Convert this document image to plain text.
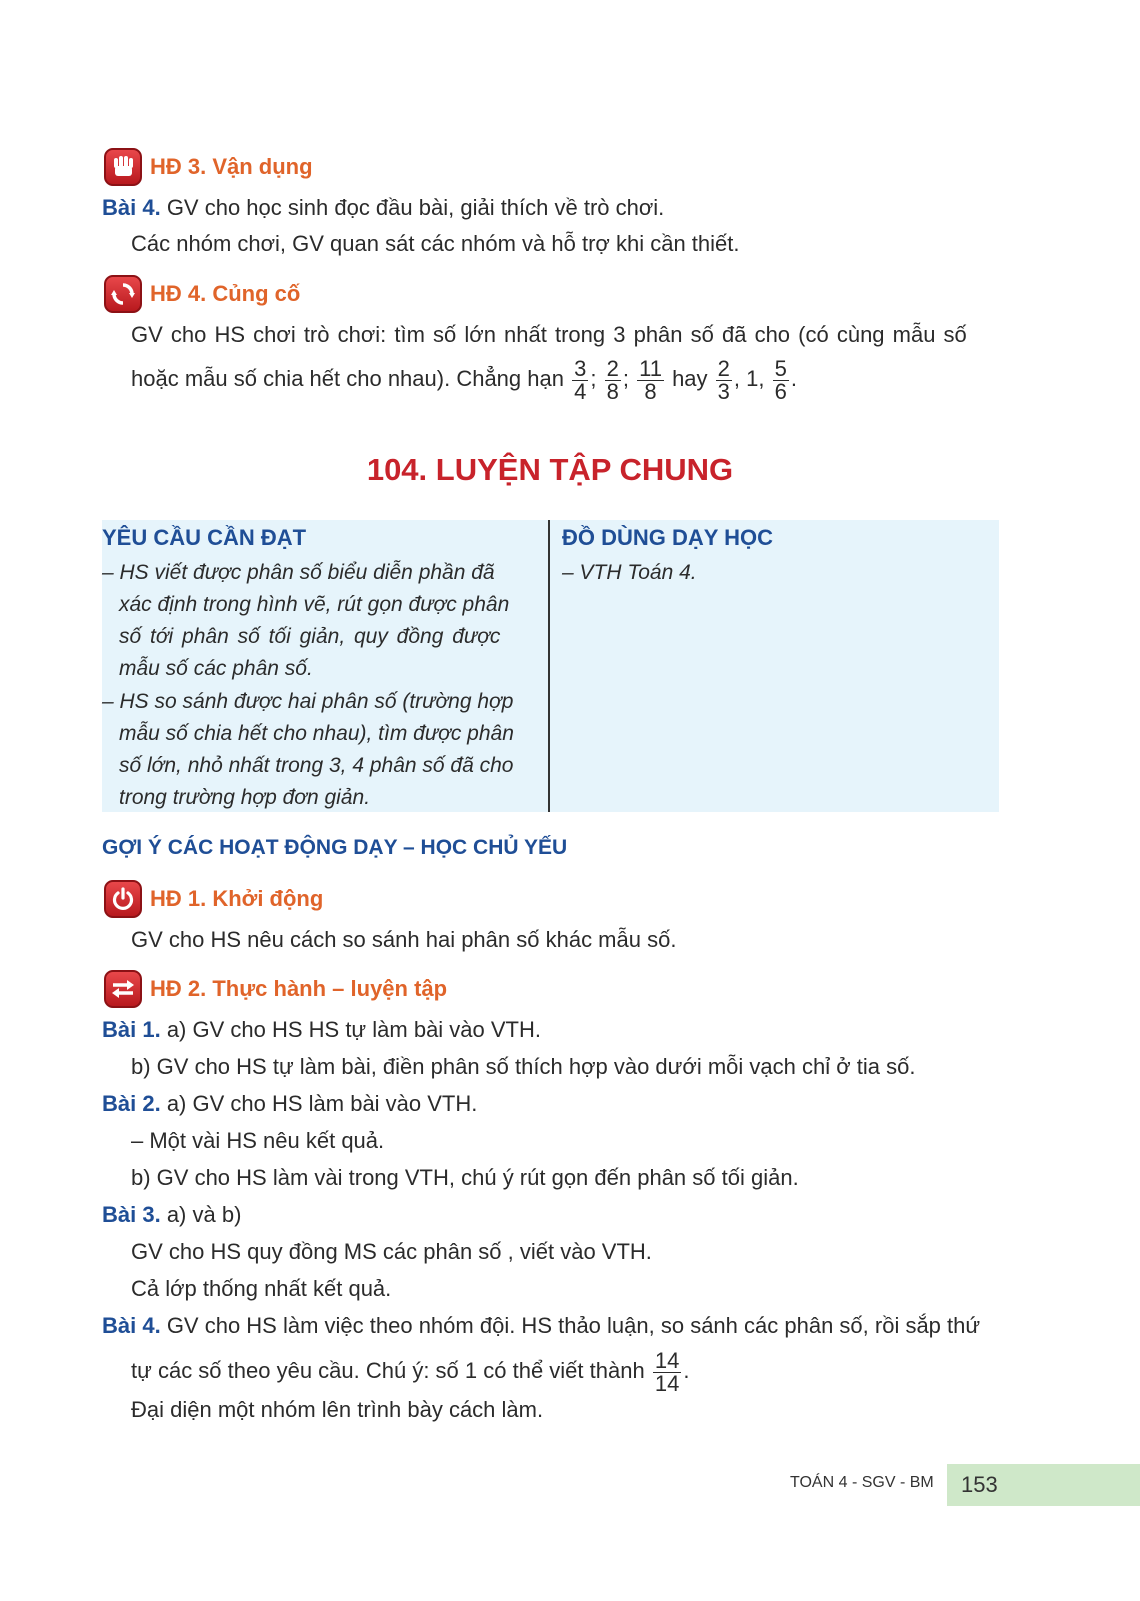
HĐ 3. Vận dụng
Bài 4. GV cho học sinh đọc đầu bài, giải thích về trò chơi.
Các nhóm chơi, GV quan sát các nhóm và hỗ trợ khi cần thiết.
HĐ 4. Củng cố
GV cho HS chơi trò chơi: tìm số lớn nhất trong 3 phân số đã cho (có cùng mẫu số
hoặc mẫu số chia hết cho nhau). Chẳng hạn $\frac{3}{4}$ ; $\frac{2}{8}$ ; $\frac{11}{8}$ hay $\frac{2}{3}$ , 1, $\frac{5}{6}$ .
104. LUYỆN TẬP CHUNG
YÊU CẦU CẦN ĐẠT	ĐỒ DÙNG DẠY HỌC
– HS viết được phân số biểu diễn phần đã
xác định trong hình vẽ, rút gọn được phân
số tới phân số tối giản, quy đồng được
mẫu số các phân số.
– HS so sánh được hai phân số (trường hợp
mẫu số chia hết cho nhau), tìm được phân
số lớn, nhỏ nhất trong 3, 4 phân số đã cho
trong trường hợp đơn giản.
– VTH Toán 4.
GỢI Ý CÁC HOẠT ĐỘNG DẠY – HỌC CHỦ YẾU
HĐ 1. Khởi động
GV cho HS nêu cách so sánh hai phân số khác mẫu số.
HĐ 2. Thực hành – luyện tập
Bài 1. a) GV cho HS HS tự làm bài vào VTH.
b) GV cho HS tự làm bài, điền phân số thích hợp vào dưới mỗi vạch chỉ ở tia số.
Bài 2. a) GV cho HS làm bài vào VTH.
– Một vài HS nêu kết quả.
b) GV cho HS làm vài trong VTH, chú ý rút gọn đến phân số tối giản.
Bài 3. a) và b)
GV cho HS quy đồng MS các phân số , viết vào VTH.
Cả lớp thống nhất kết quả.
Bài 4. GV cho HS làm việc theo nhóm đội. HS thảo luận, so sánh các phân số, rồi sắp thứ
tự các số theo yêu cầu. Chú ý: số 1 có thể viết thành $\frac{14}{14}$ .
Đại diện một nhóm lên trình bày cách làm.
TOÁN 4 - SGV - BM	153
